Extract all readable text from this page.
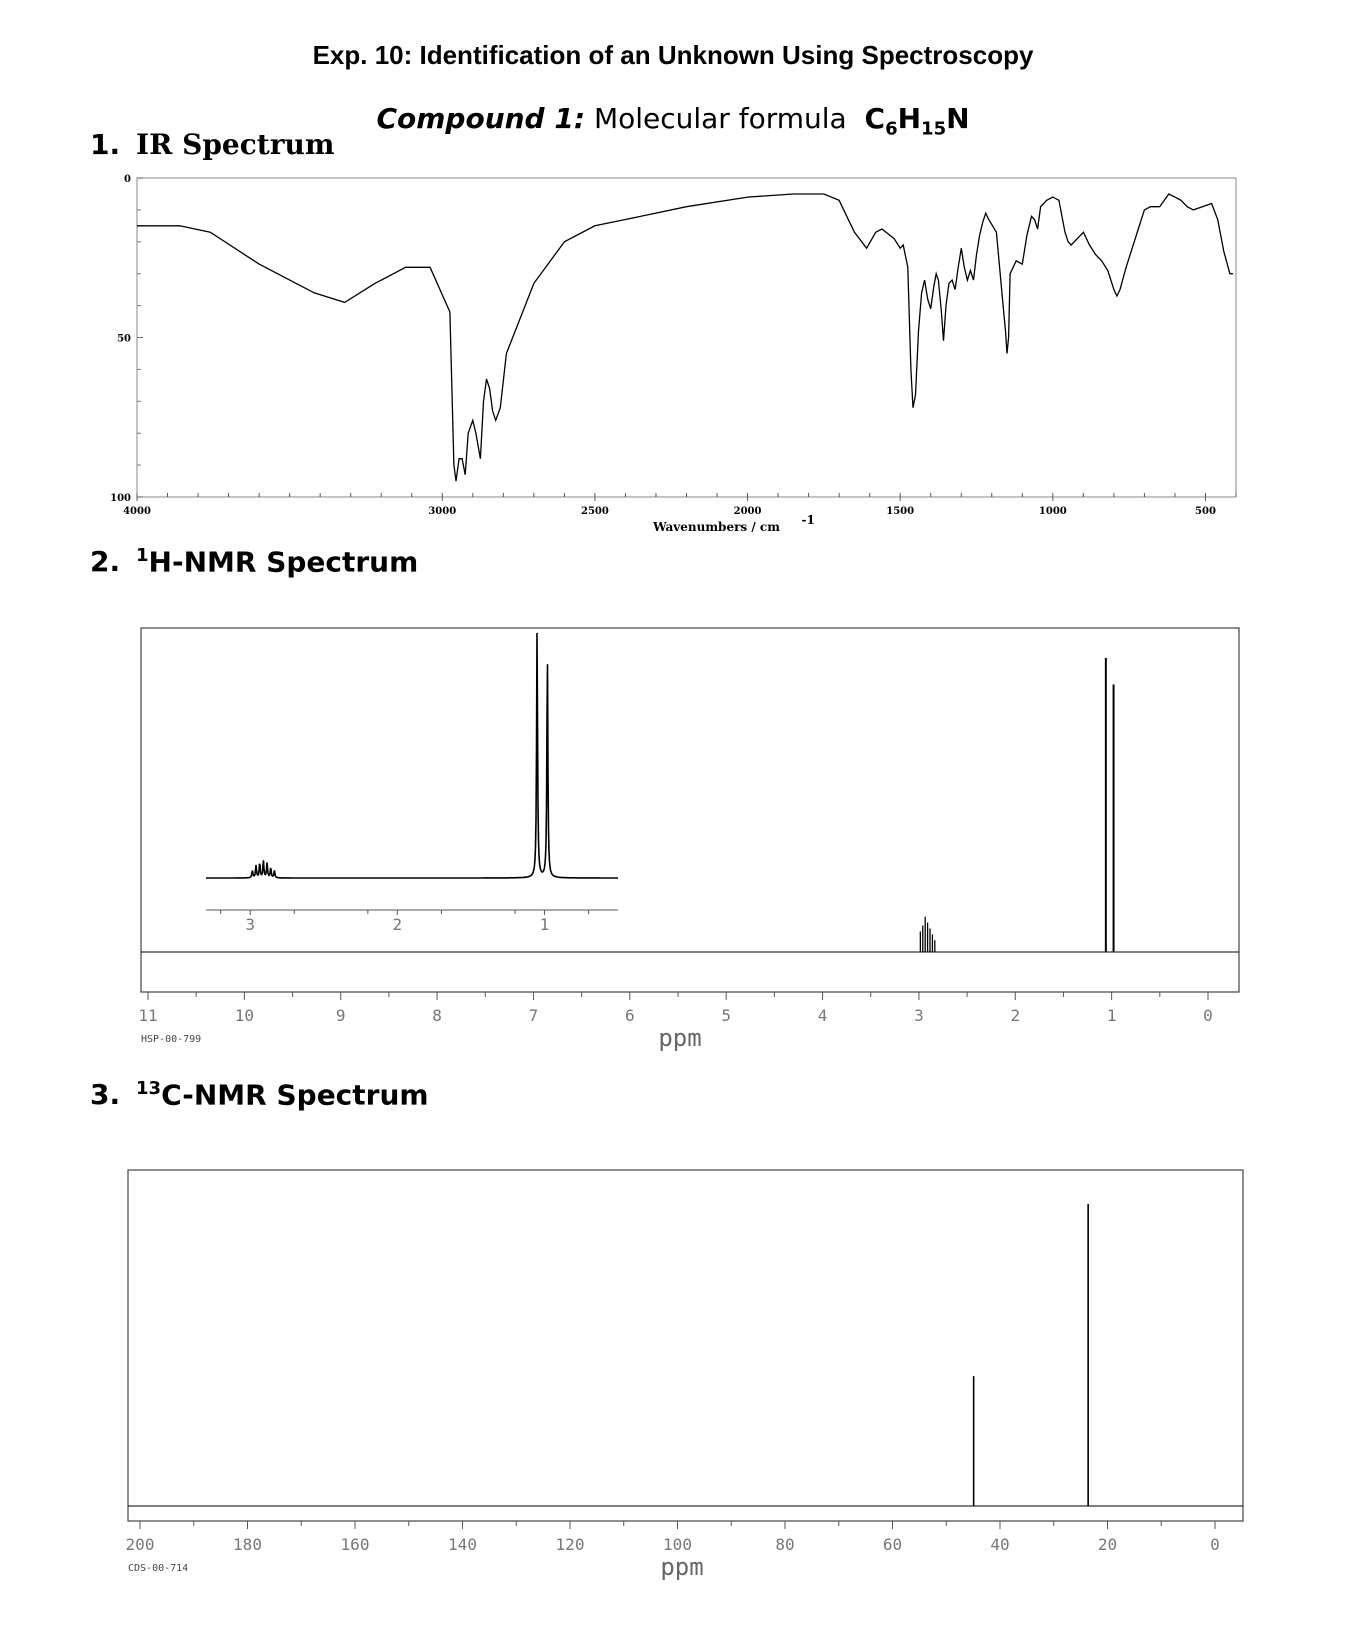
Exp. 10: Identification of an Unknown Using Spectroscopy
Compound 1: Molecular formula $C_6H_{15}N$
1. IR Spectrum
2. $^1$H-NMR Spectrum
3. $^{13}$C-NMR Spectrum
0
50
100
4000	3000	2500	2000	1500	1000	500
Wavenumbers / cm -1
11	10	9	8	7	6	5	4	3	2	1	0
ppm
HSP-00-799
3	2	1
200	180	160	140	120	100	80	60	40	20	0
ppm
CDS-00-714
